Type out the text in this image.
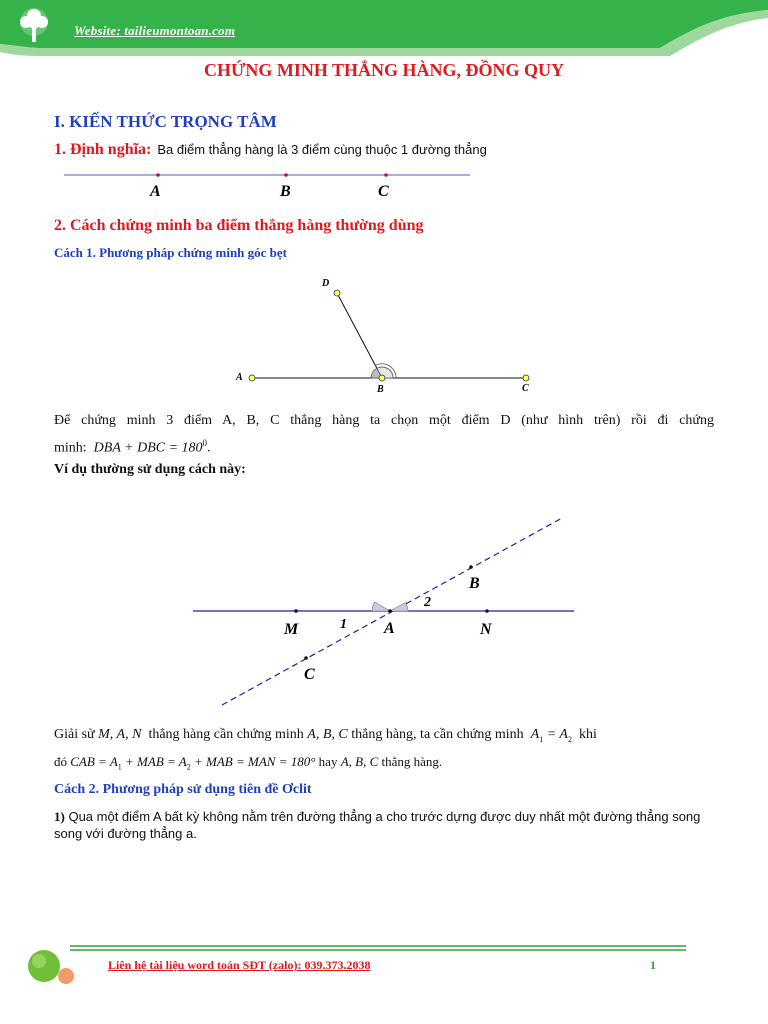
Website: tailieumontoan.com
CHỨNG MINH THẲNG HÀNG, ĐỒNG QUY
I. KIẾN THỨC TRỌNG TÂM
1. Định nghĩa: Ba điểm thẳng hàng là 3 điểm cùng thuộc 1 đường thẳng
A	B	C
2. Cách chứng minh ba điểm thẳng hàng thường dùng
Cách 1. Phương pháp chứng minh góc bẹt
D
A
B	C
Để chứng minh 3 điểm A, B, C thẳng hàng ta chọn một điểm D (như hình trên) rồi đi chứng
minh: DBA + DBC = $180^0$.
Ví dụ thường sử dụng cách này:
M	A	N
B
C
1
2
Giải sử M, A, N thẳng hàng cần chứng minh A, B, C thẳng hàng, ta cần chứng minh $A_1 = A_2$ khi
đó CAB = $A_1$ + MAB = $A_2$ + MAB = MAN = 180° hay A, B, C thẳng hàng.
Cách 2. Phương pháp sử dụng tiên đề Ơclit
1) Qua một điểm A bất kỳ không nằm trên đường thẳng a cho trước dựng được duy nhất một đường thẳng song song với đường thẳng a.
Liên hệ tài liệu word toán SĐT (zalo): 039.373.2038	1
